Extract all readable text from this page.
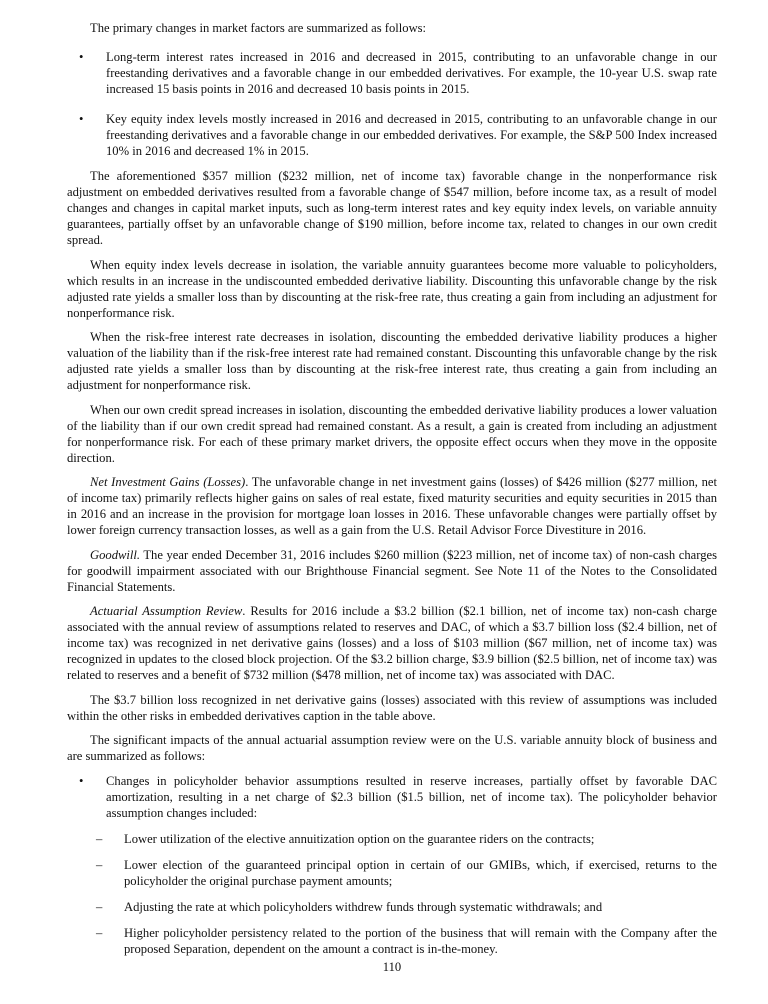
The primary changes in market factors are summarized as follows:

• Long-term interest rates increased in 2016 and decreased in 2015, contributing to an unfavorable change in our freestanding derivatives and a favorable change in our embedded derivatives. For example, the 10-year U.S. swap rate increased 15 basis points in 2016 and decreased 10 basis points in 2015.
• Key equity index levels mostly increased in 2016 and decreased in 2015, contributing to an unfavorable change in our freestanding derivatives and a favorable change in our embedded derivatives. For example, the S&P 500 Index increased 10% in 2016 and decreased 1% in 2015.

The aforementioned $357 million ($232 million, net of income tax) favorable change in the nonperformance risk adjustment on embedded derivatives resulted from a favorable change of $547 million, before income tax, as a result of model changes and changes in capital market inputs, such as long-term interest rates and key equity index levels, on variable annuity guarantees, partially offset by an unfavorable change of $190 million, before income tax, related to changes in our own credit spread.

When equity index levels decrease in isolation, the variable annuity guarantees become more valuable to policyholders, which results in an increase in the undiscounted embedded derivative liability. Discounting this unfavorable change by the risk adjusted rate yields a smaller loss than by discounting at the risk-free rate, thus creating a gain from including an adjustment for nonperformance risk.

When the risk-free interest rate decreases in isolation, discounting the embedded derivative liability produces a higher valuation of the liability than if the risk-free interest rate had remained constant. Discounting this unfavorable change by the risk adjusted rate yields a smaller loss than by discounting at the risk-free interest rate, thus creating a gain from including an adjustment for nonperformance risk.

When our own credit spread increases in isolation, discounting the embedded derivative liability produces a lower valuation of the liability than if our own credit spread had remained constant. As a result, a gain is created from including an adjustment for nonperformance risk. For each of these primary market drivers, the opposite effect occurs when they move in the opposite direction.

Net Investment Gains (Losses). The unfavorable change in net investment gains (losses) of $426 million ($277 million, net of income tax) primarily reflects higher gains on sales of real estate, fixed maturity securities and equity securities in 2015 than in 2016 and an increase in the provision for mortgage loan losses in 2016. These unfavorable changes were partially offset by lower foreign currency transaction losses, as well as a gain from the U.S. Retail Advisor Force Divestiture in 2016.

Goodwill. The year ended December 31, 2016 includes $260 million ($223 million, net of income tax) of non-cash charges for goodwill impairment associated with our Brighthouse Financial segment. See Note 11 of the Notes to the Consolidated Financial Statements.

Actuarial Assumption Review. Results for 2016 include a $3.2 billion ($2.1 billion, net of income tax) non-cash charge associated with the annual review of assumptions related to reserves and DAC, of which a $3.7 billion loss ($2.4 billion, net of income tax) was recognized in net derivative gains (losses) and a loss of $103 million ($67 million, net of income tax) was recognized in updates to the closed block projection. Of the $3.2 billion charge, $3.9 billion ($2.5 billion, net of income tax) was related to reserves and a benefit of $732 million ($478 million, net of income tax) was associated with DAC.

The $3.7 billion loss recognized in net derivative gains (losses) associated with this review of assumptions was included within the other risks in embedded derivatives caption in the table above.

The significant impacts of the annual actuarial assumption review were on the U.S. variable annuity block of business and are summarized as follows:

• Changes in policyholder behavior assumptions resulted in reserve increases, partially offset by favorable DAC amortization, resulting in a net charge of $2.3 billion ($1.5 billion, net of income tax). The policyholder behavior assumption changes included:
– Lower utilization of the elective annuitization option on the guarantee riders on the contracts;
– Lower election of the guaranteed principal option in certain of our GMIBs, which, if exercised, returns to the policyholder the original purchase payment amounts;
– Adjusting the rate at which policyholders withdrew funds through systematic withdrawals; and
– Higher policyholder persistency related to the portion of the business that will remain with the Company after the proposed Separation, dependent on the amount a contract is in-the-money.
110
